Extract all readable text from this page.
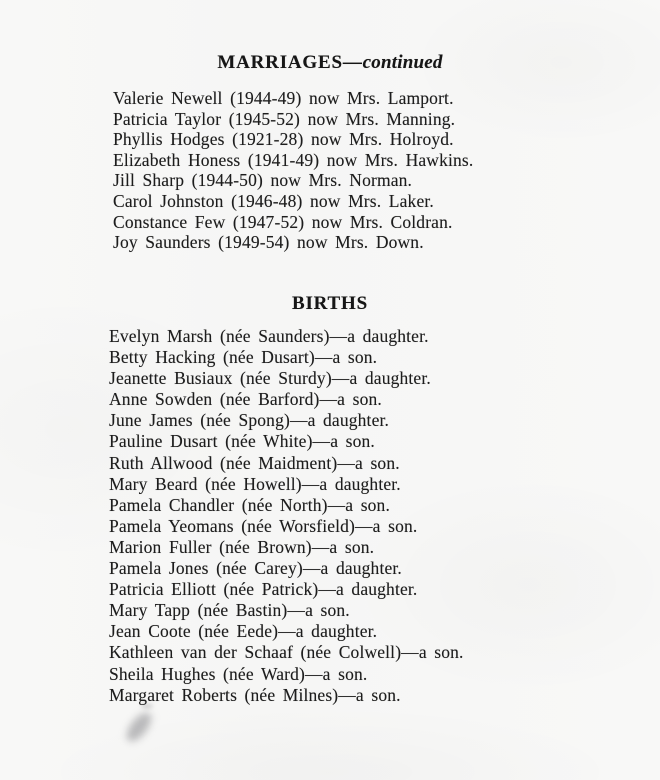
MARRIAGES—continued
Valerie Newell (1944-49) now Mrs. Lamport.
Patricia Taylor (1945-52) now Mrs. Manning.
Phyllis Hodges (1921-28) now Mrs. Holroyd.
Elizabeth Honess (1941-49) now Mrs. Hawkins.
Jill Sharp (1944-50) now Mrs. Norman.
Carol Johnston (1946-48) now Mrs. Laker.
Constance Few (1947-52) now Mrs. Coldran.
Joy Saunders (1949-54) now Mrs. Down.
BIRTHS
Evelyn Marsh (née Saunders)—a daughter.
Betty Hacking (née Dusart)—a son.
Jeanette Busiaux (née Sturdy)—a daughter.
Anne Sowden (née Barford)—a son.
June James (née Spong)—a daughter.
Pauline Dusart (née White)—a son.
Ruth Allwood (née Maidment)—a son.
Mary Beard (née Howell)—a daughter.
Pamela Chandler (née North)—a son.
Pamela Yeomans (née Worsfield)—a son.
Marion Fuller (née Brown)—a son.
Pamela Jones (née Carey)—a daughter.
Patricia Elliott (née Patrick)—a daughter.
Mary Tapp (née Bastin)—a son.
Jean Coote (née Eede)—a daughter.
Kathleen van der Schaaf (née Colwell)—a son.
Sheila Hughes (née Ward)—a son.
Margaret Roberts (née Milnes)—a son.
